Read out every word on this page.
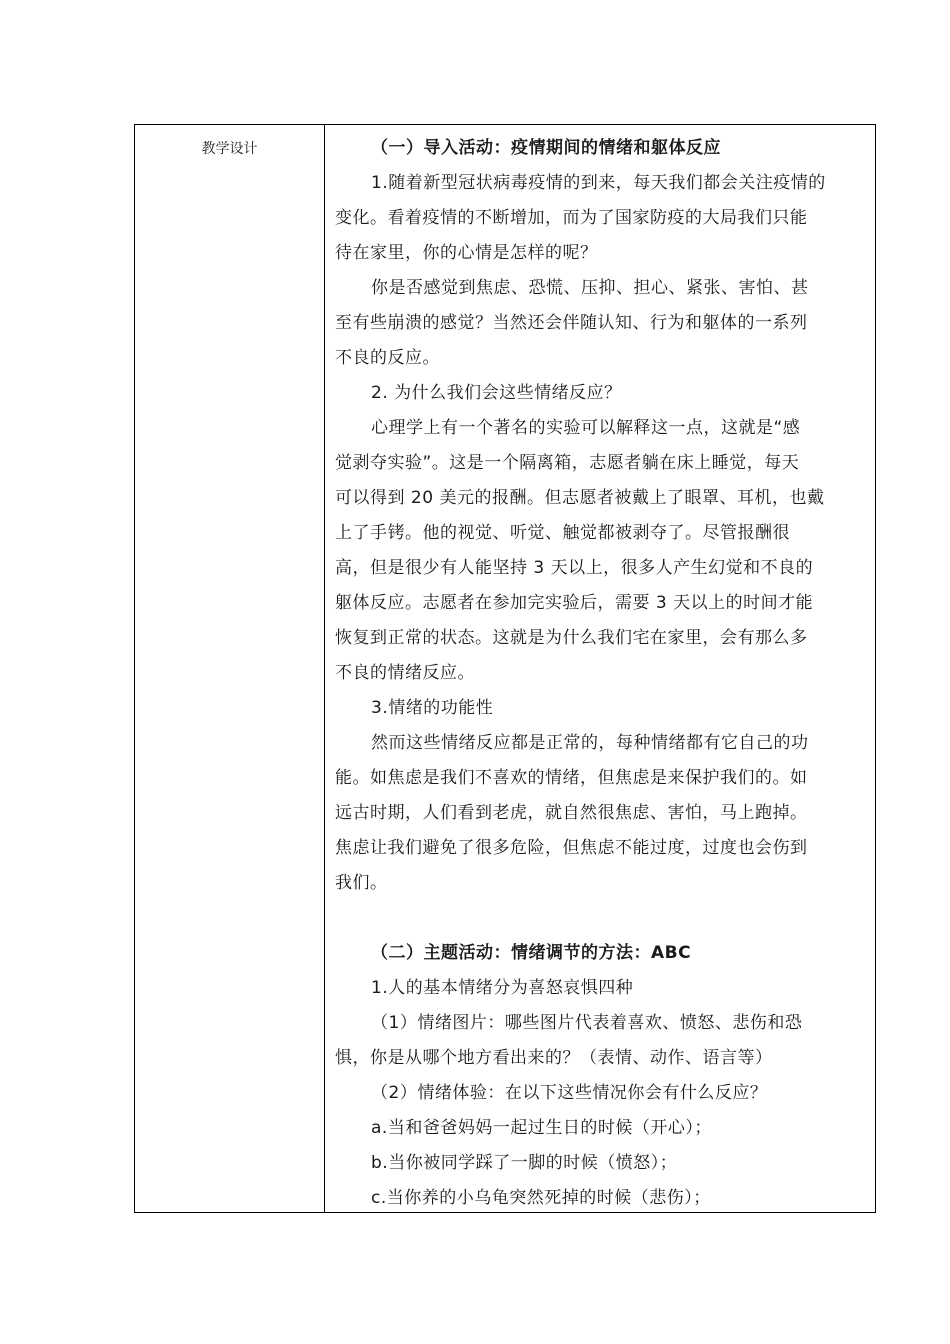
教学设计	（一）导入活动：疫情期间的情绪和躯体反应
1.随着新型冠状病毒疫情的到来，每天我们都会关注疫情的
变化。看着疫情的不断增加，而为了国家防疫的大局我们只能
待在家里，你的心情是怎样的呢？
你是否感觉到焦虑、恐慌、压抑、担心、紧张、害怕、甚
至有些崩溃的感觉？当然还会伴随认知、行为和躯体的一系列
不良的反应。
2. 为什么我们会这些情绪反应？
心理学上有一个著名的实验可以解释这一点，这就是“感
觉剥夺实验”。这是一个隔离箱，志愿者躺在床上睡觉，每天
可以得到 20 美元的报酬。但志愿者被戴上了眼罩、耳机，也戴
上了手铐。他的视觉、听觉、触觉都被剥夺了。尽管报酬很
高，但是很少有人能坚持 3 天以上，很多人产生幻觉和不良的
躯体反应。志愿者在参加完实验后，需要 3 天以上的时间才能
恢复到正常的状态。这就是为什么我们宅在家里，会有那么多
不良的情绪反应。
3.情绪的功能性
然而这些情绪反应都是正常的，每种情绪都有它自己的功
能。如焦虑是我们不喜欢的情绪，但焦虑是来保护我们的。如
远古时期，人们看到老虎，就自然很焦虑、害怕，马上跑掉。
焦虑让我们避免了很多危险，但焦虑不能过度，过度也会伤到
我们。
（二）主题活动：情绪调节的方法：ABC
1.人的基本情绪分为喜怒哀惧四种
（1）情绪图片：哪些图片代表着喜欢、愤怒、悲伤和恐
惧，你是从哪个地方看出来的？（表情、动作、语言等）
（2）情绪体验：在以下这些情况你会有什么反应？
a.当和爸爸妈妈一起过生日的时候（开心）；
b.当你被同学踩了一脚的时候（愤怒）；
c.当你养的小乌龟突然死掉的时候（悲伤）；
